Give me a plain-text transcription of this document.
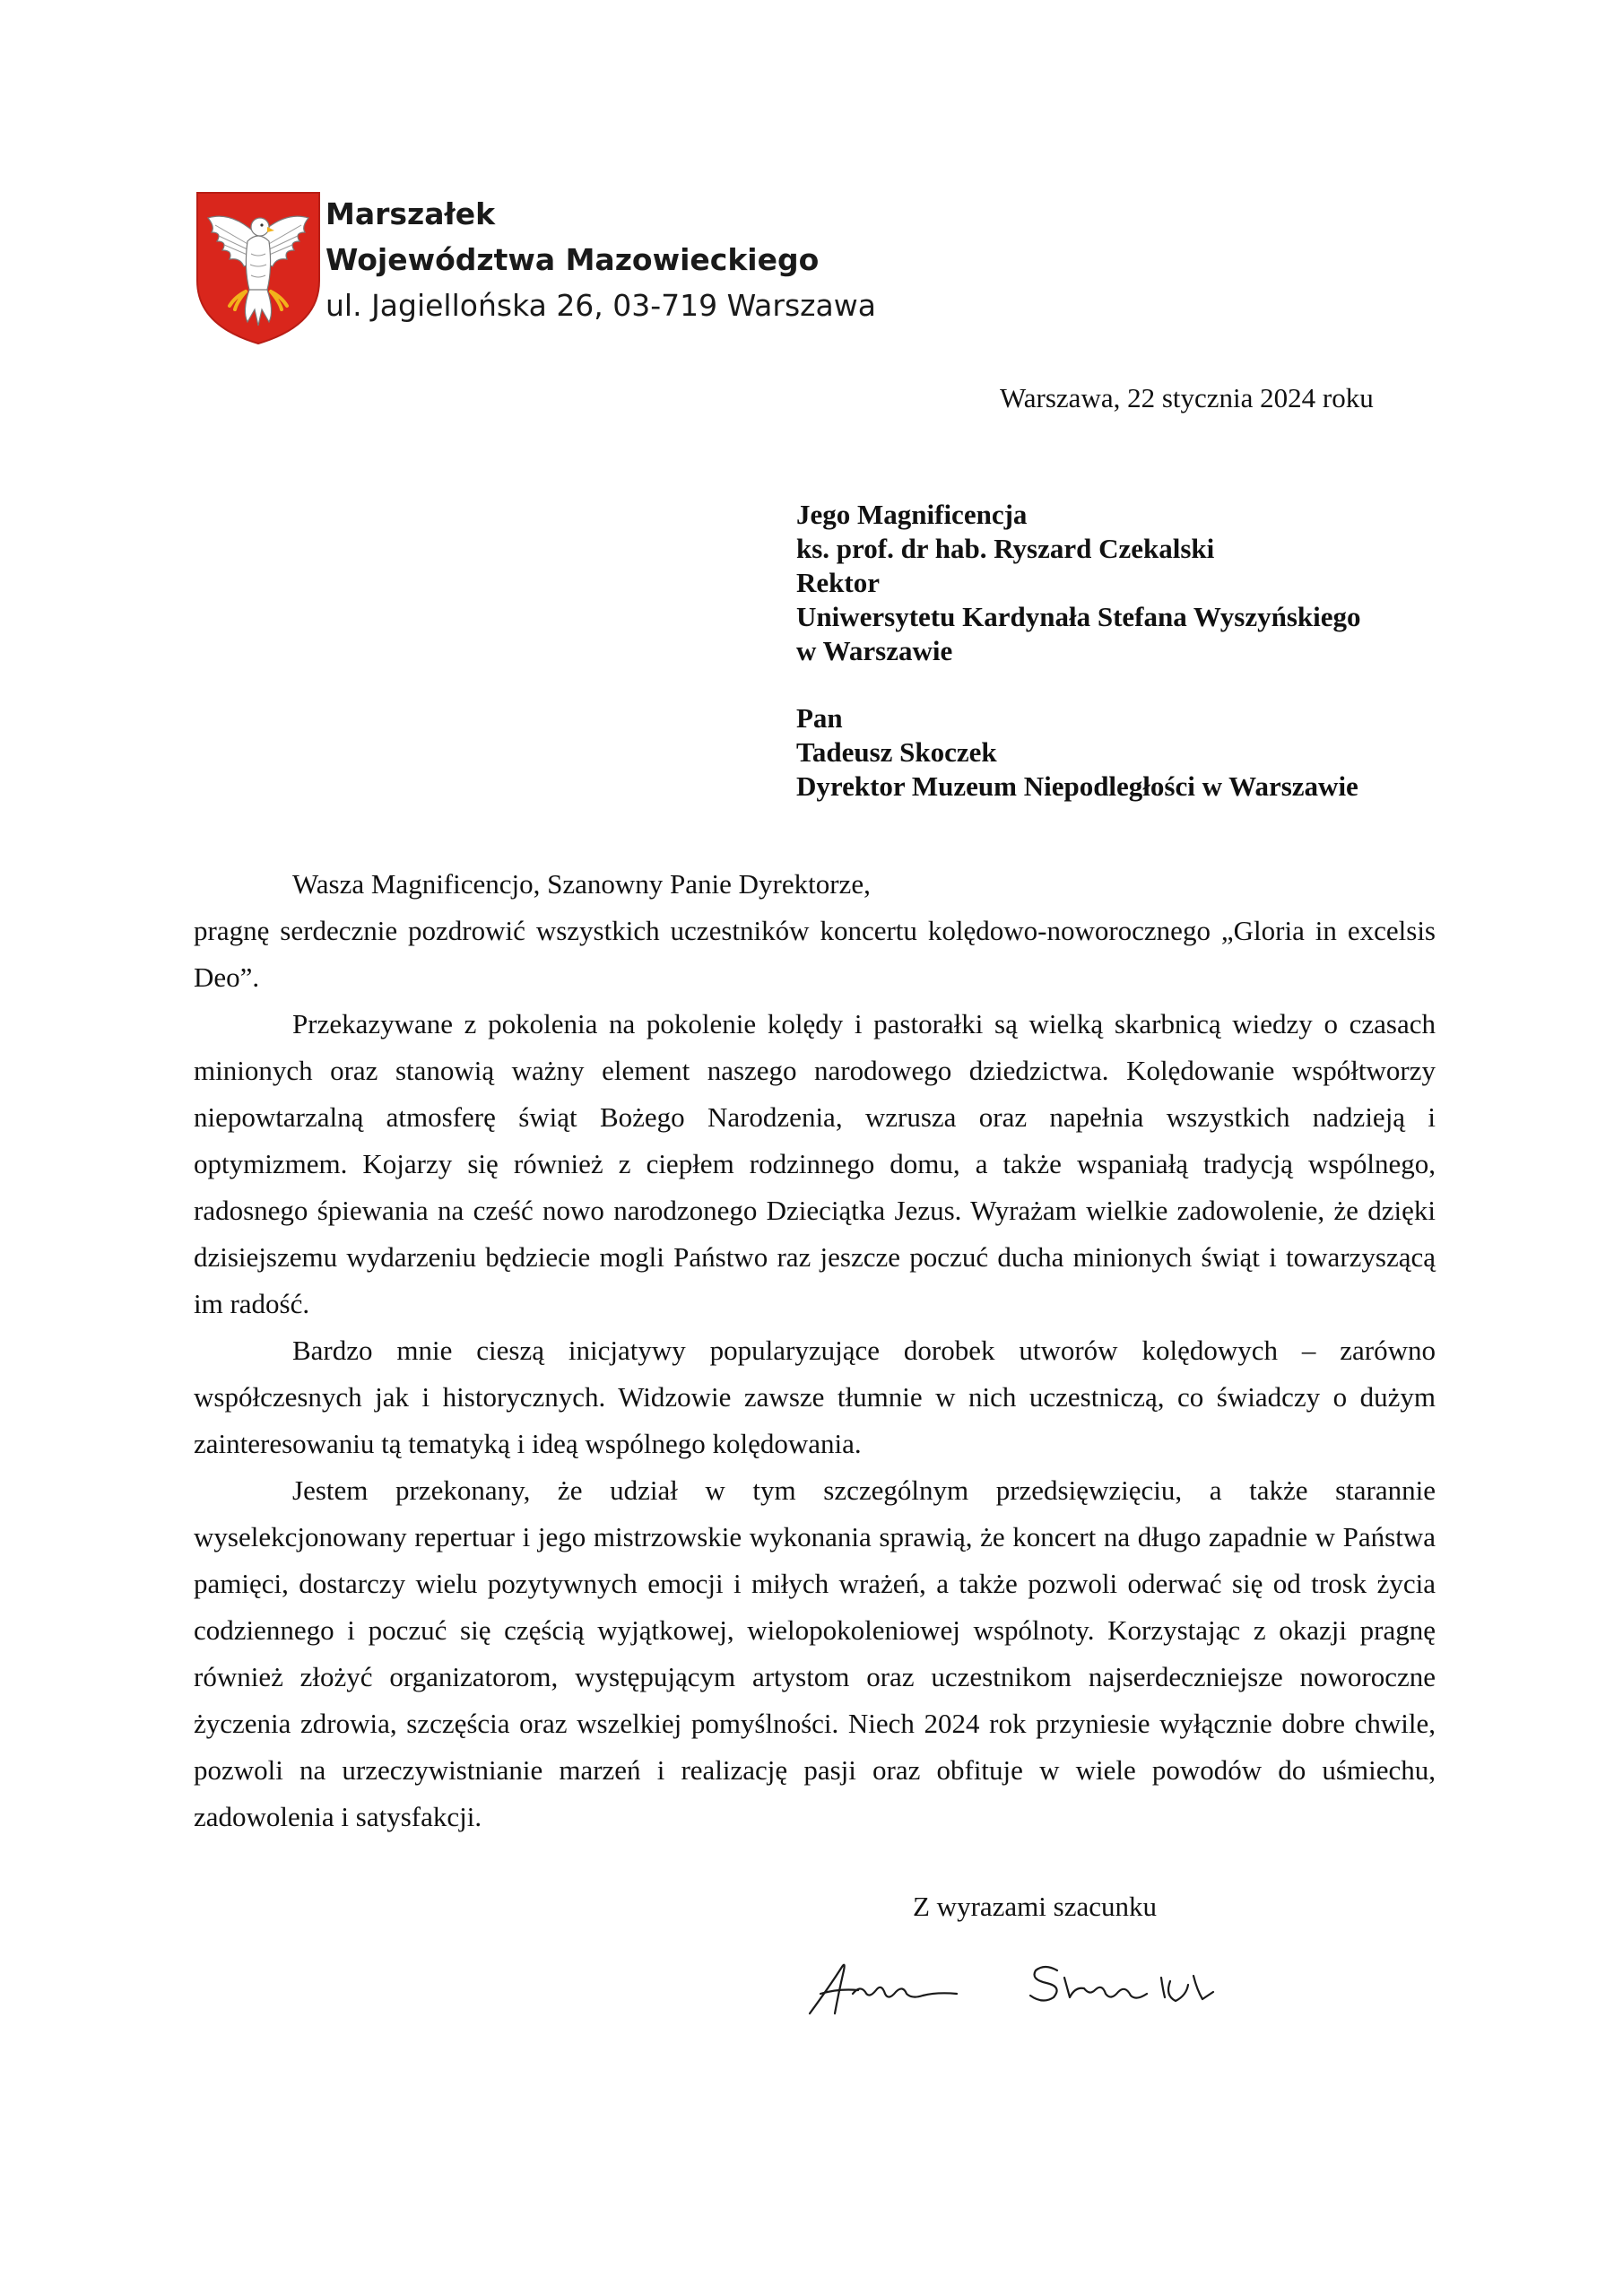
Marszałek
Województwa Mazowieckiego
ul. Jagiellońska 26, 03-719 Warszawa
Warszawa, 22 stycznia 2024 roku
Jego Magnificencja
ks. prof. dr hab. Ryszard Czekalski
Rektor
Uniwersytetu Kardynała Stefana Wyszyńskiego
w Warszawie
Pan
Tadeusz Skoczek
Dyrektor Muzeum Niepodległości w Warszawie

Wasza Magnificencjo, Szanowny Panie Dyrektorze,

pragnę serdecznie pozdrowić wszystkich uczestników koncertu kolędowo-noworocznego „Gloria in excelsis Deo”.

Przekazywane z pokolenia na pokolenie kolędy i pastorałki są wielką skarbnicą wiedzy o czasach minionych oraz stanowią ważny element naszego narodowego dziedzictwa. Kolędowanie współtworzy niepowtarzalną atmosferę świąt Bożego Narodzenia, wzrusza oraz napełnia wszystkich nadzieją i optymizmem. Kojarzy się również z ciepłem rodzinnego domu, a także wspaniałą tradycją wspólnego, radosnego śpiewania na cześć nowo narodzonego Dzieciątka Jezus. Wyrażam wielkie zadowolenie, że dzięki dzisiejszemu wydarzeniu będziecie mogli Państwo raz jeszcze poczuć ducha minionych świąt i towarzyszącą im radość.

Bardzo mnie cieszą inicjatywy popularyzujące dorobek utworów kolędowych – zarówno współczesnych jak i historycznych. Widzowie zawsze tłumnie w nich uczestniczą, co świadczy o dużym zainteresowaniu tą tematyką i ideą wspólnego kolędowania.

Jestem przekonany, że udział w tym szczególnym przedsięwzięciu, a także starannie wyselekcjonowany repertuar i jego mistrzowskie wykonania sprawią, że koncert na długo zapadnie w Państwa pamięci, dostarczy wielu pozytywnych emocji i miłych wrażeń, a także pozwoli oderwać się od trosk życia codziennego i poczuć się częścią wyjątkowej, wielopokoleniowej wspólnoty. Korzystając z okazji pragnę również złożyć organizatorom, występującym artystom oraz uczestnikom najserdeczniejsze noworoczne życzenia zdrowia, szczęścia oraz wszelkiej pomyślności. Niech 2024 rok przyniesie wyłącznie dobre chwile, pozwoli na urzeczywistnianie marzeń i realizację pasji oraz obfituje w wiele powodów do uśmiechu, zadowolenia i satysfakcji.

Z wyrazami szacunku
